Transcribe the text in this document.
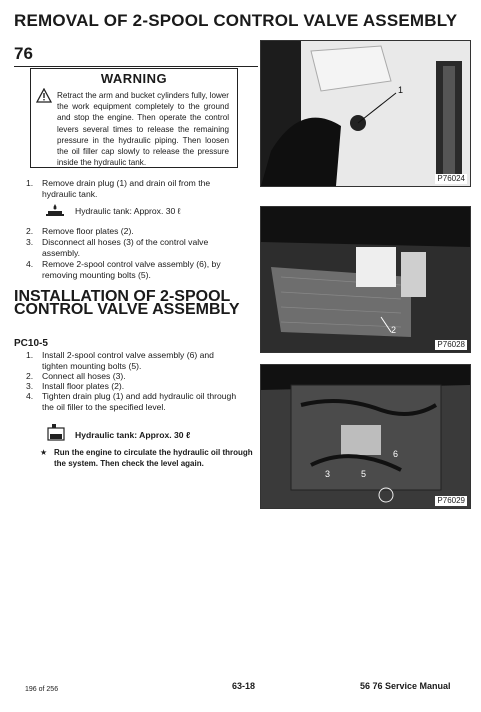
REMOVAL OF 2-SPOOL CONTROL VALVE ASSEMBLY
76
WARNING
Retract the arm and bucket cylinders fully, lower the work equipment completely to the ground and stop the engine. Then operate the control levers several times to release the remaining pressure in the hydraulic piping. Then loosen the oil filler cap slowly to release the pressure inside the hydraulic tank.
1. Remove drain plug (1) and drain oil from the hydraulic tank.
Hydraulic tank: Approx. 30 ℓ
2. Remove floor plates (2).
3. Disconnect all hoses (3) of the control valve assembly.
4. Remove 2-spool control valve assembly (6), by removing mounting bolts (5).
INSTALLATION OF 2-SPOOL CONTROL VALVE ASSEMBLY
PC10-5
1. Install 2-spool control valve assembly (6) and tighten mounting bolts (5).
2. Connect all hoses (3).
3. Install floor plates (2).
4. Tighten drain plug (1) and add hydraulic oil through the oil filler to the specified level.
Hydraulic tank: Approx. 30 ℓ
★ Run the engine to circulate the hydraulic oil through the system. Then check the level again.
1
P76024
2
P76028
3	5
6
P76029
196 of 256	63-18	56 76 Service Manual
